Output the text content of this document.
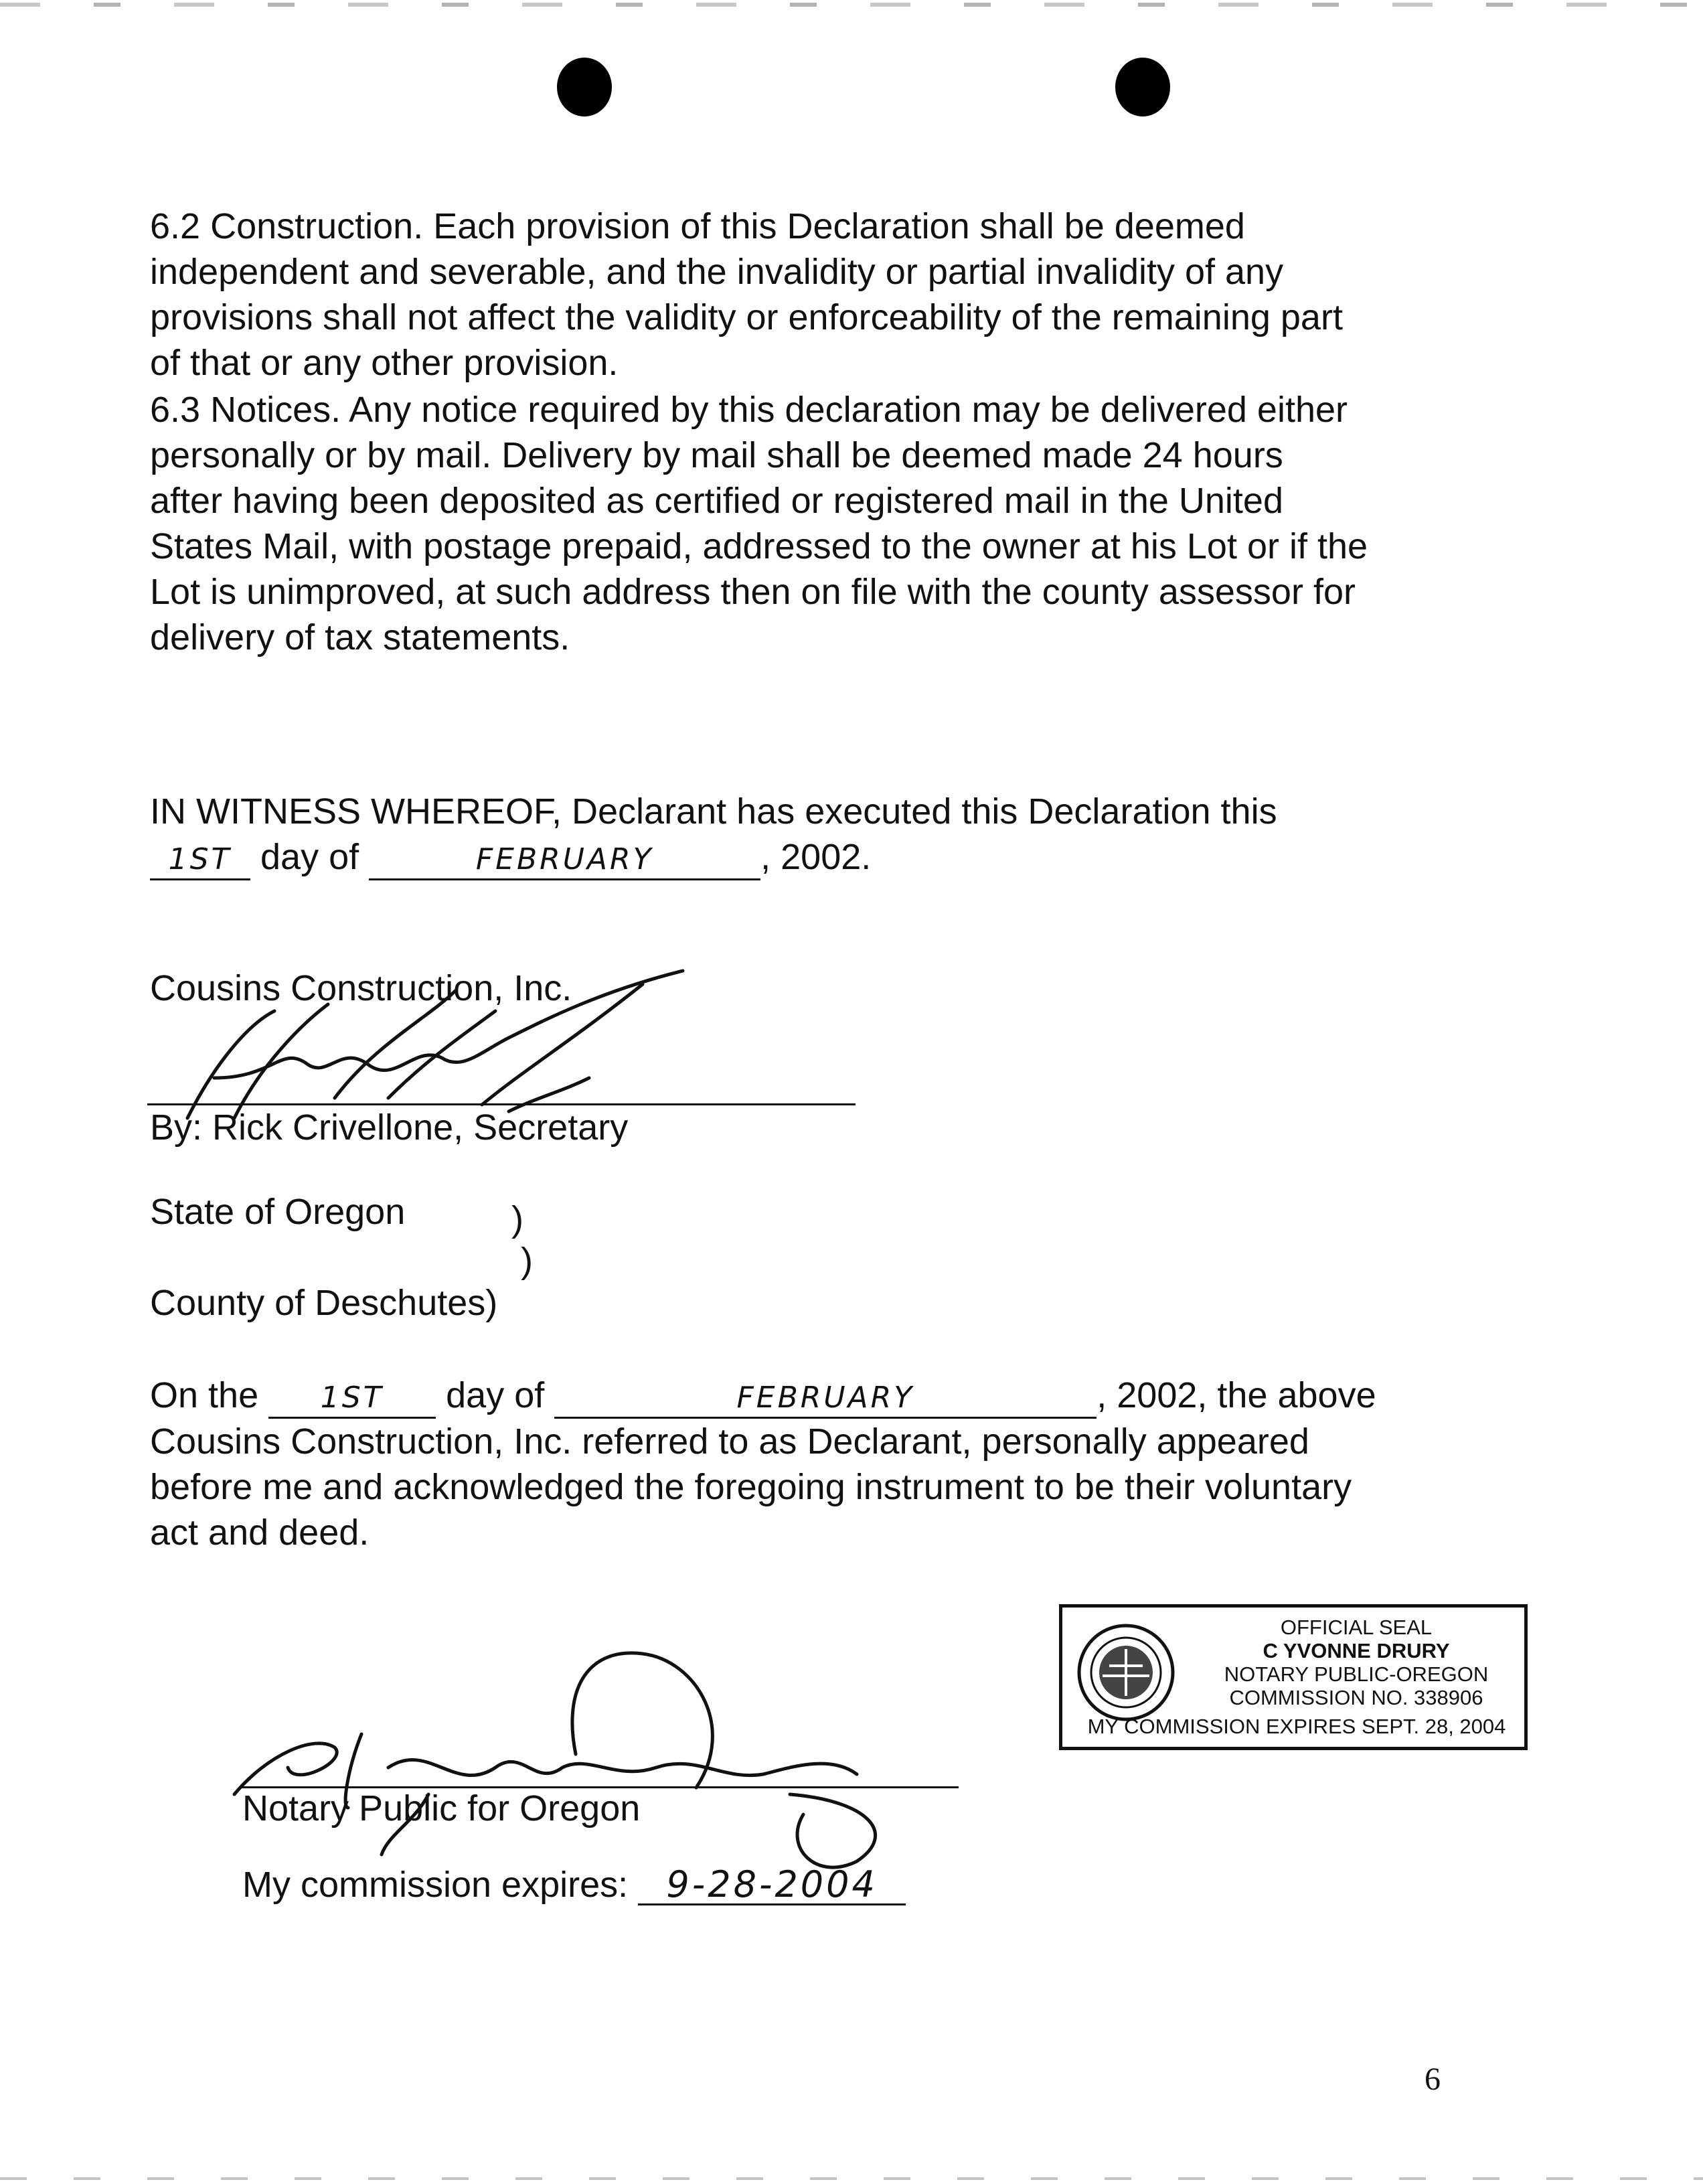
6.2 Construction. Each provision of this Declaration shall be deemed
independent and severable, and the invalidity or partial invalidity of any
provisions shall not affect the validity or enforceability of the remaining part
of that or any other provision.
6.3 Notices. Any notice required by this declaration may be delivered either
personally or by mail. Delivery by mail shall be deemed made 24 hours
after having been deposited as certified or registered mail in the United
States Mail, with postage prepaid, addressed to the owner at his Lot or if the
Lot is unimproved, at such address then on file with the county assessor for
delivery of tax statements.
IN WITNESS WHEREOF, Declarant has executed this Declaration this
1ST day of	FEBRUARY	, 2002.
Cousins Construction, Inc.
By: Rick Crivellone, Secretary
State of Oregon	)
)
County of Deschutes)
On the 1ST day of	FEBRUARY	, 2002, the above
Cousins Construction, Inc. referred to as Declarant, personally appeared
before me and acknowledged the foregoing instrument to be their voluntary
act and deed.
OFFICIAL SEAL
C YVONNE DRURY
NOTARY PUBLIC-OREGON
COMMISSION NO. 338906
MY COMMISSION EXPIRES SEPT. 28, 2004
Notary Public for Oregon
My commission expires: 9-28-2004
6
